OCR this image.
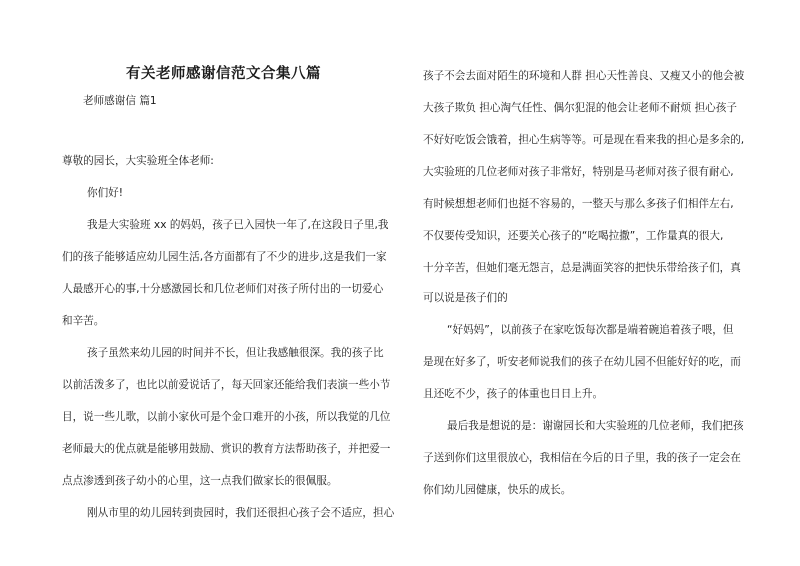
有关老师感谢信范文合集八篇
老师感谢信 篇1
尊敬的园长，大实验班全体老师:
你们好!
我是大实验班 xx 的妈妈，孩子已入园快一年了,在这段日子里,我
们的孩子能够适应幼儿园生活,各方面都有了不少的进步,这是我们一家
人最感开心的事,十分感激园长和几位老师们对孩子所付出的一切爱心
和辛苦。
孩子虽然来幼儿园的时间并不长，但让我感触很深。我的孩子比
以前活泼多了，也比以前爱说话了，每天回家还能给我们表演一些小节
目，说一些儿歌，以前小家伙可是个金口难开的小孩，所以我觉的几位
老师最大的优点就是能够用鼓励、赏识的教育方法帮助孩子，并把爱一
点点渗透到孩子幼小的心里，这一点我们做家长的很佩服。
刚从市里的幼儿园转到贵园时，我们还很担心孩子会不适应，担心
孩子不会去面对陌生的环境和人群 担心天性善良、又瘦又小的他会被
大孩子欺负 担心淘气任性、偶尔犯混的他会让老师不耐烦 担心孩子
不好好吃饭会饿着，担心生病等等。可是现在看来我的担心是多余的,
大实验班的几位老师对孩子非常好，特别是马老师对孩子很有耐心,
有时候想想老师们也挺不容易的，一整天与那么多孩子们相伴左右,
不仅要传受知识，还要关心孩子的“吃喝拉撒”，工作量真的很大,
十分辛苦，但她们毫无怨言，总是满面笑容的把快乐带给孩子们，真
可以说是孩子们的
“好妈妈”，以前孩子在家吃饭每次都是端着碗追着孩子喂，但
是现在好多了，听安老师说我们的孩子在幼儿园不但能好好的吃，而
且还吃不少，孩子的体重也日日上升。
最后我是想说的是：谢谢园长和大实验班的几位老师，我们把孩
子送到你们这里很放心，我相信在今后的日子里，我的孩子一定会在
你们幼儿园健康，快乐的成长。
